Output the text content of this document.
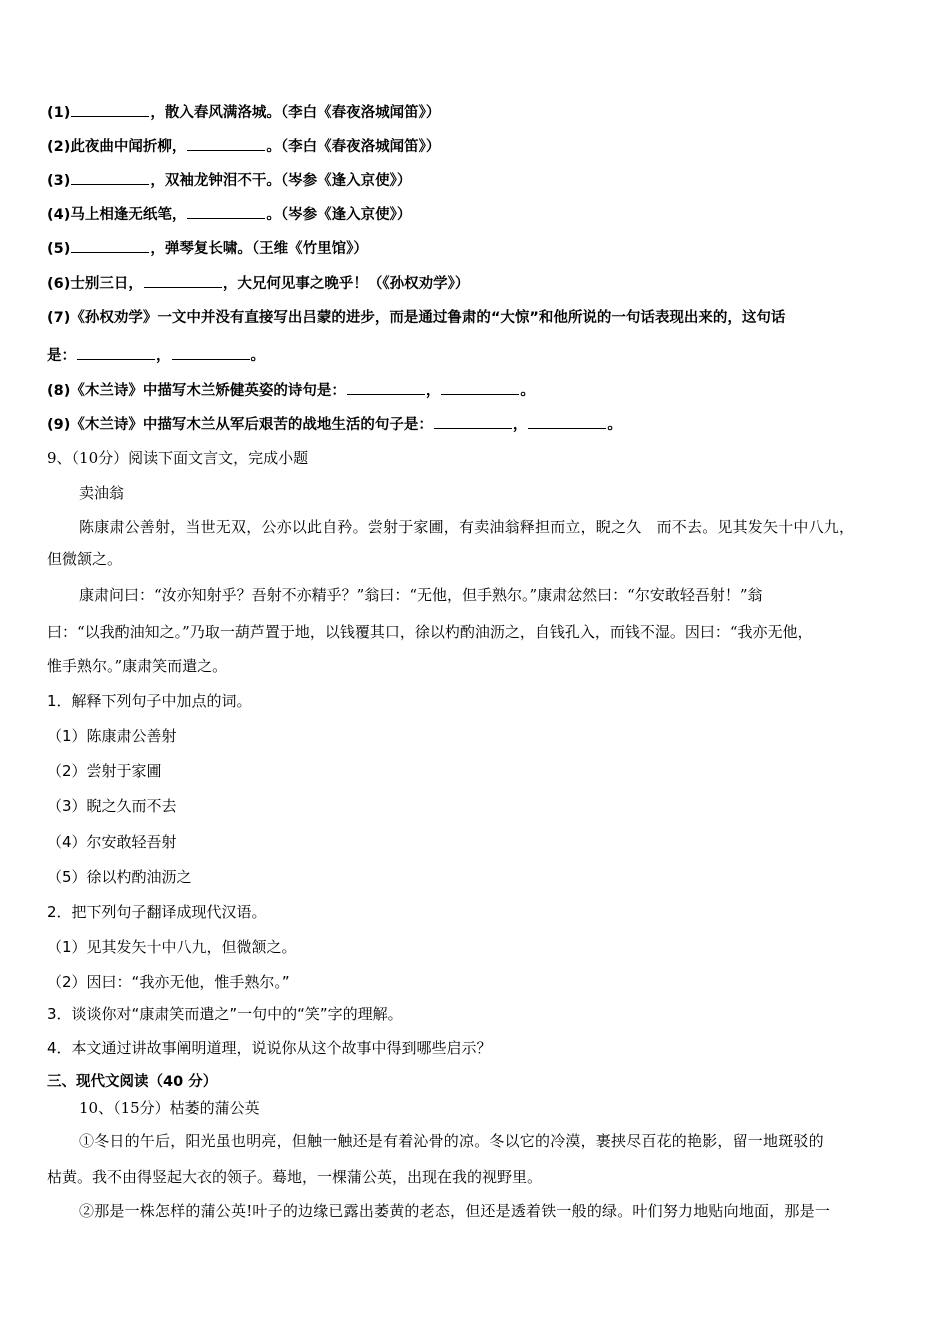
(1)	，散入春风满洛城。（李白《春夜洛城闻笛》）
(2)此夜曲中闻折柳，	。（李白《春夜洛城闻笛》）
(3)	，双袖龙钟泪不干。（岑参《逢入京使》）
(4)马上相逢无纸笔，	。（岑参《逢入京使》）
(5)	，弹琴复长啸。（王维《竹里馆》）
(6)士别三日，	，大兄何见事之晚乎！（《孙权劝学》）
(7)《孙权劝学》一文中并没有直接写出吕蒙的进步，而是通过鲁肃的“大惊”和他所说的一句话表现出来的，这句话
是：	，	。
(8)《木兰诗》中描写木兰矫健英姿的诗句是：	，	。
(9)《木兰诗》中描写木兰从军后艰苦的战地生活的句子是：	，	。
9、（10分）阅读下面文言文，完成小题
卖油翁
陈康肃公善射，当世无双，公亦以此自矜。尝射于家圃，有卖油翁释担而立，睨之久　而不去。见其发矢十中八九，
但微颔之。
康肃问曰：“汝亦知射乎？吾射不亦精乎？”翁曰：“无他，但手熟尔。”康肃忿然曰：“尔安敢轻吾射！”翁
曰：“以我酌油知之。”乃取一葫芦置于地，以钱覆其口，徐以杓酌油沥之，自钱孔入，而钱不湿。因曰：“我亦无他，
惟手熟尔。”康肃笑而遣之。
1．解释下列句子中加点的词。
（1）陈康肃公善射
（2）尝射于家圃
（3）睨之久而不去
（4）尔安敢轻吾射
（5）徐以杓酌油沥之
2．把下列句子翻译成现代汉语。
（1）见其发矢十中八九，但微颔之。
（2）因曰：“我亦无他，惟手熟尔。”
3．谈谈你对“康肃笑而遣之”一句中的“笑”字的理解。
4．本文通过讲故事阐明道理，说说你从这个故事中得到哪些启示？
三、现代文阅读（40 分）
10、（15分）枯萎的蒲公英
①冬日的午后，阳光虽也明亮，但触一触还是有着沁骨的凉。冬以它的冷漠，裹挟尽百花的艳影，留一地斑驳的
枯黄。我不由得竖起大衣的领子。蓦地，一棵蒲公英，出现在我的视野里。
②那是一株怎样的蒲公英!叶子的边缘已露出萎黄的老态，但还是透着铁一般的绿。叶们努力地贴向地面，那是一
